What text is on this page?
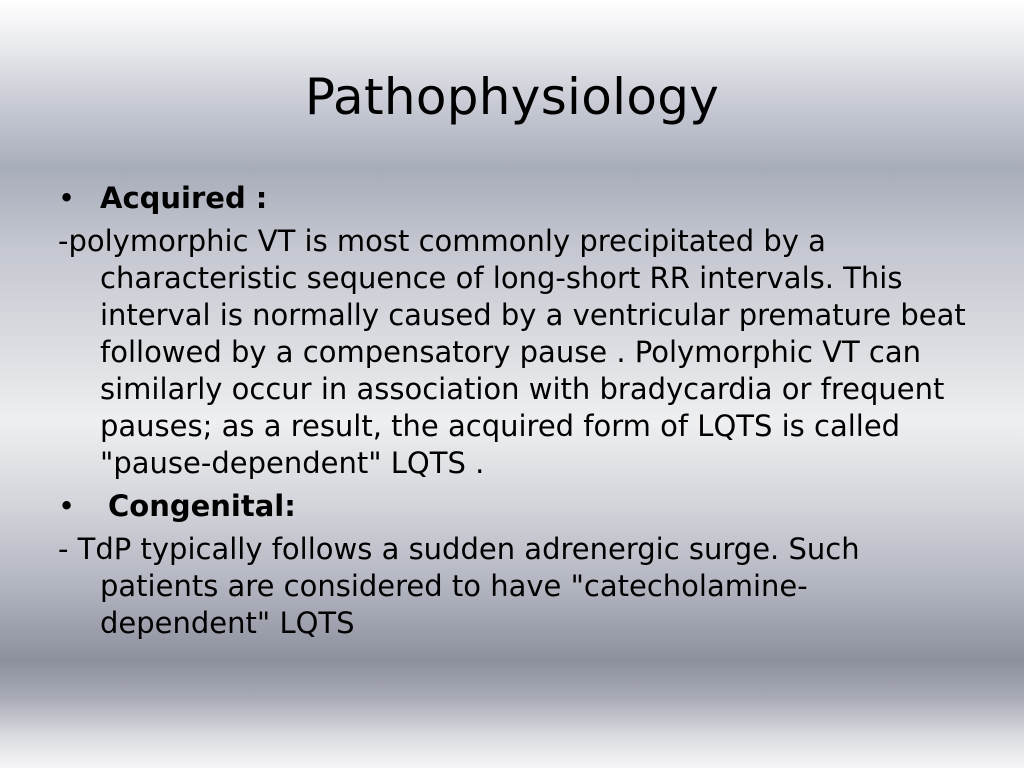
Pathophysiology
• Acquired :

-polymorphic VT is most commonly precipitated by a characteristic sequence of long-short RR intervals. This interval is normally caused by a ventricular premature beat followed by a compensatory pause . Polymorphic VT can similarly occur in association with bradycardia or frequent pauses; as a result, the acquired form of LQTS is called "pause-dependent" LQTS .

•	Congenital:

- TdP typically follows a sudden adrenergic surge. Such patients are considered to have "catecholamine-dependent" LQTS
